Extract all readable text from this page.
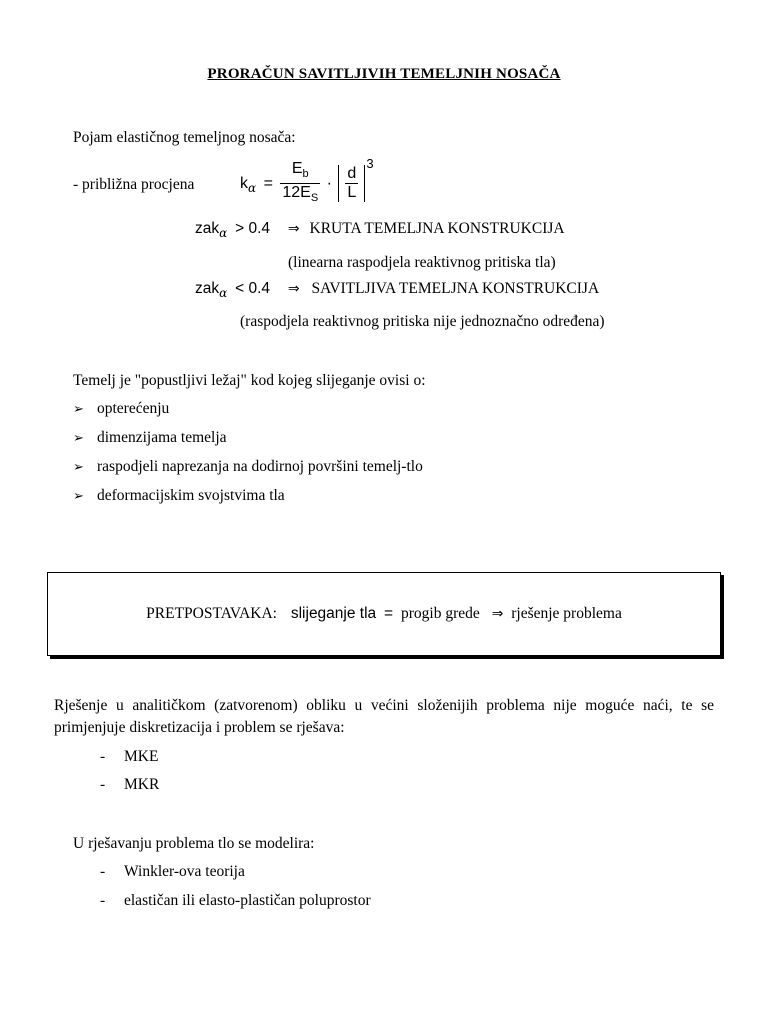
PRORAČUN SAVITLJIVIH TEMELJNIH NOSAČA
Pojam elastičnog temeljnog nosača:
- približna procjena	$k_\alpha = \frac{E_b}{12E_S} \cdot \frac{d}{L}$
$^3$
zak$_\alpha$ > 0.4 ⇒ KRUTA TEMELJNA KONSTRUKCIJA
(linearna raspodjela reaktivnog pritiska tla)
zak$_\alpha$ < 0.4 ⇒ SAVITLJIVA TEMELJNA KONSTRUKCIJA
(raspodjela reaktivnog pritiska nije jednoznačno određena)
Temelj je "popustljivi ležaj" kod kojeg slijeganje ovisi o:
➢ opterećenju
➢ dimenzijama temelja
➢ raspodjeli naprezanja na dodirnoj površini temelj-tlo
➢ deformacijskim svojstvima tla
PRETPOSTAVAKA: slijeganje tla = progib grede ⇒ rješenje problema
Rješenje u analitičkom (zatvorenom) obliku u većini složenijih problema nije moguće naći, te se primjenjuje diskretizacija i problem se rješava:
- MKE
- MKR
U rješavanju problema tlo se modelira:
- Winkler-ova teorija
- elastičan ili elasto-plastičan poluprostor
